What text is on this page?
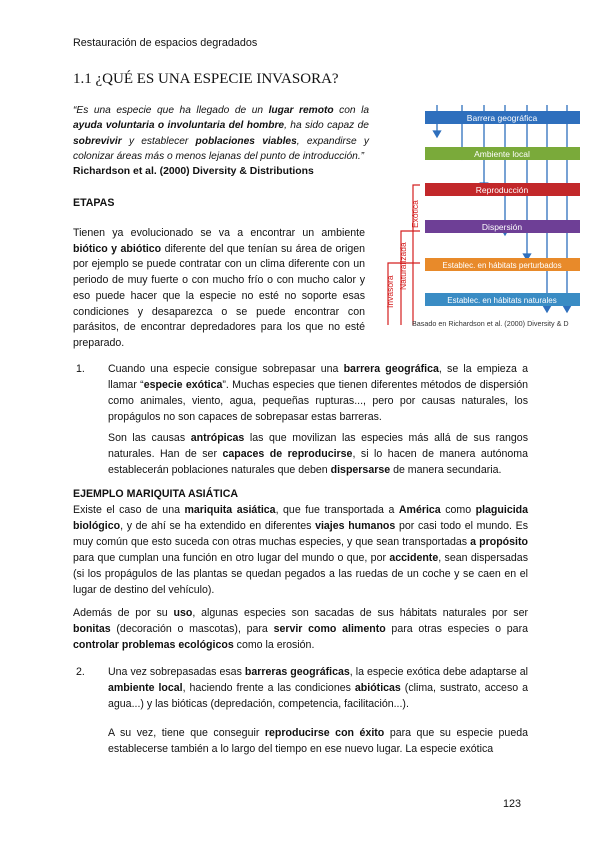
Restauración de espacios degradados
1.1 ¿QUÉ ES UNA ESPECIE INVASORA?

“Es una especie que ha llegado de un lugar remoto con la ayuda voluntaria o involuntaria del hombre, ha sido capaz de sobrevivir y establecer poblaciones viables, expandirse y colonizar áreas más o menos lejanas del punto de introducción.”

Richardson et al. (2000) Diversity & Distributions
ETAPAS

Tienen ya evolucionado se va a encontrar un ambiente biótico y abiótico diferente del que tenían su área de origen por ejemplo se puede contratar con un clima diferente con un periodo de muy fuerte o con mucho frío o con mucho calor y eso puede hacer que la especie no esté no soporte esas condiciones y desaparezca o se puede encontrar con parásitos, de encontrar depredadores para los que no esté preparado.

Barrera geográfica
Ambiente local
Reproducción
Dispersión
Establec. en hábitats perturbados
Establec. en hábitats naturales
Exótica
Naturalizada
Invasora
Basado en Richardson et al. (2000) Diversity & D
1. Cuando una especie consigue sobrepasar una barrera geográfica, se la empieza a llamar “especie exótica”. Muchas especies que tienen diferentes métodos de dispersión como animales, viento, agua, pequeñas rupturas..., pero por causas naturales, los propágulos no son capaces de sobrepasar estas barreras.
Son las causas antrópicas las que movilizan las especies más allá de sus rangos naturales. Han de ser capaces de reproducirse, si lo hacen de manera autónoma establecerán poblaciones naturales que deben dispersarse de manera secundaria.
EJEMPLO MARIQUITA ASIÁTICA

Existe el caso de una mariquita asiática, que fue transportada a América como plaguicida biológico, y de ahí se ha extendido en diferentes viajes humanos por casi todo el mundo. Es muy común que esto suceda con otras muchas especies, y que sean transportadas a propósito para que cumplan una función en otro lugar del mundo o que, por accidente, sean dispersadas (si los propágulos de las plantas se quedan pegados a las ruedas de un coche y se caen en el lugar de destino del vehículo).

Además de por su uso, algunas especies son sacadas de sus hábitats naturales por ser bonitas (decoración o mascotas), para servir como alimento para otras especies o para controlar problemas ecológicos como la erosión.

2. Una vez sobrepasadas esas barreras geográficas, la especie exótica debe adaptarse al ambiente local, haciendo frente a las condiciones abióticas (clima, sustrato, acceso a agua...) y las bióticas (depredación, competencia, facilitación...).
A su vez, tiene que conseguir reproducirse con éxito para que su especie pueda establecerse también a lo largo del tiempo en ese nuevo lugar. La especie exótica
123
